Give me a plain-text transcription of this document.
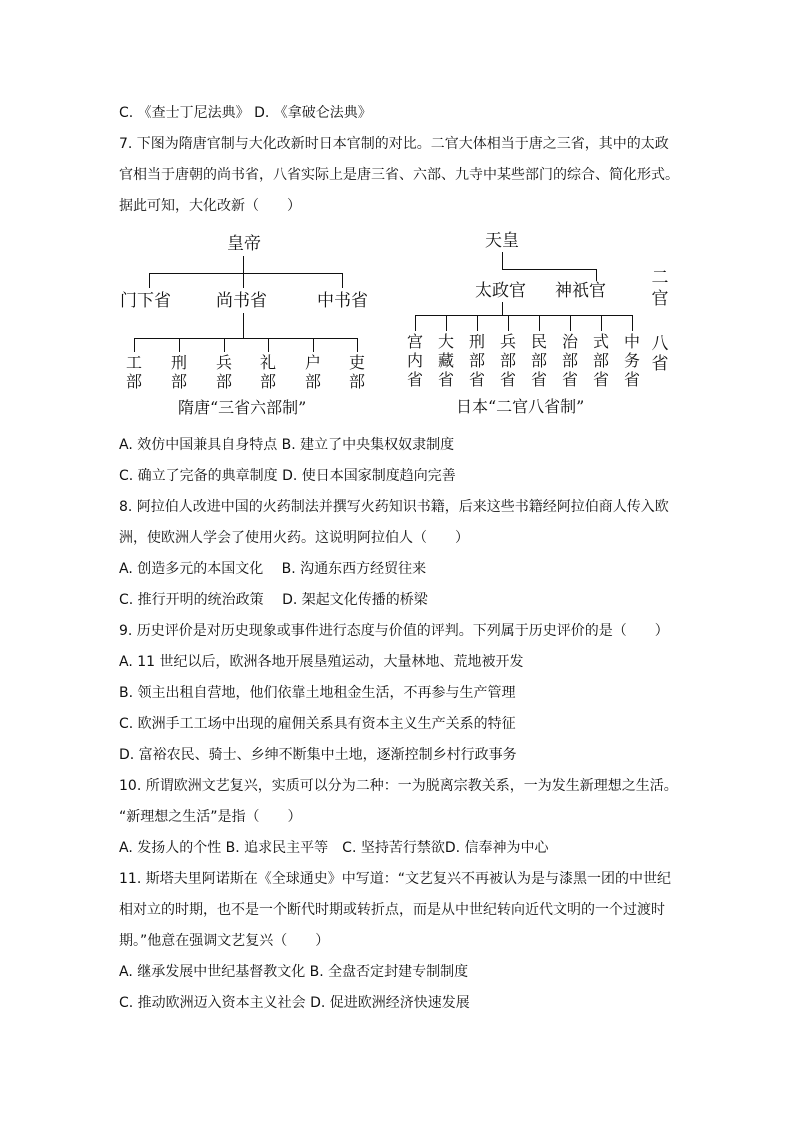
C. 《查士丁尼法典》 D. 《拿破仑法典》
7. 下图为隋唐官制与大化改新时日本官制的对比。二官大体相当于唐之三省，其中的太政
官相当于唐朝的尚书省，八省实际上是唐三省、六部、九寺中某些部门的综合、简化形式。
据此可知，大化改新（　　）
皇帝
门下省	尚书省	中书省
工部
刑部
兵部
礼部
户部
吏部
隋唐“三省六部制”
天皇
太政官 神祇官
二官
宫内省
大藏省
刑部省
兵部省
民部省
治部省
式部省
中务省
八省
日本“二官八省制”
A. 效仿中国兼具自身特点 B. 建立了中央集权奴隶制度
C. 确立了完备的典章制度 D. 使日本国家制度趋向完善
8. 阿拉伯人改进中国的火药制法并撰写火药知识书籍，后来这些书籍经阿拉伯商人传入欧
洲，使欧洲人学会了使用火药。这说明阿拉伯人（　　）
A. 创造多元的本国文化　 B. 沟通东西方经贸往来
C. 推行开明的统治政策　 D. 架起文化传播的桥梁
9. 历史评价是对历史现象或事件进行态度与价值的评判。下列属于历史评价的是（　　）
A. 11 世纪以后，欧洲各地开展垦殖运动，大量林地、荒地被开发
B. 领主出租自营地，他们依靠土地租金生活，不再参与生产管理
C. 欧洲手工工场中出现的雇佣关系具有资本主义生产关系的特征
D. 富裕农民、骑士、乡绅不断集中土地，逐渐控制乡村行政事务
10. 所谓欧洲文艺复兴，实质可以分为二种：一为脱离宗教关系，一为发生新理想之生活。
“新理想之生活”是指（　　）
A. 发扬人的个性 B. 追求民主平等　C. 坚持苦行禁欲D. 信奉神为中心
11. 斯塔夫里阿诺斯在《全球通史》中写道：“文艺复兴不再被认为是与漆黑一团的中世纪
相对立的时期，也不是一个断代时期或转折点，而是从中世纪转向近代文明的一个过渡时
期。”他意在强调文艺复兴（　　）
A. 继承发展中世纪基督教文化 B. 全盘否定封建专制制度
C. 推动欧洲迈入资本主义社会 D. 促进欧洲经济快速发展
